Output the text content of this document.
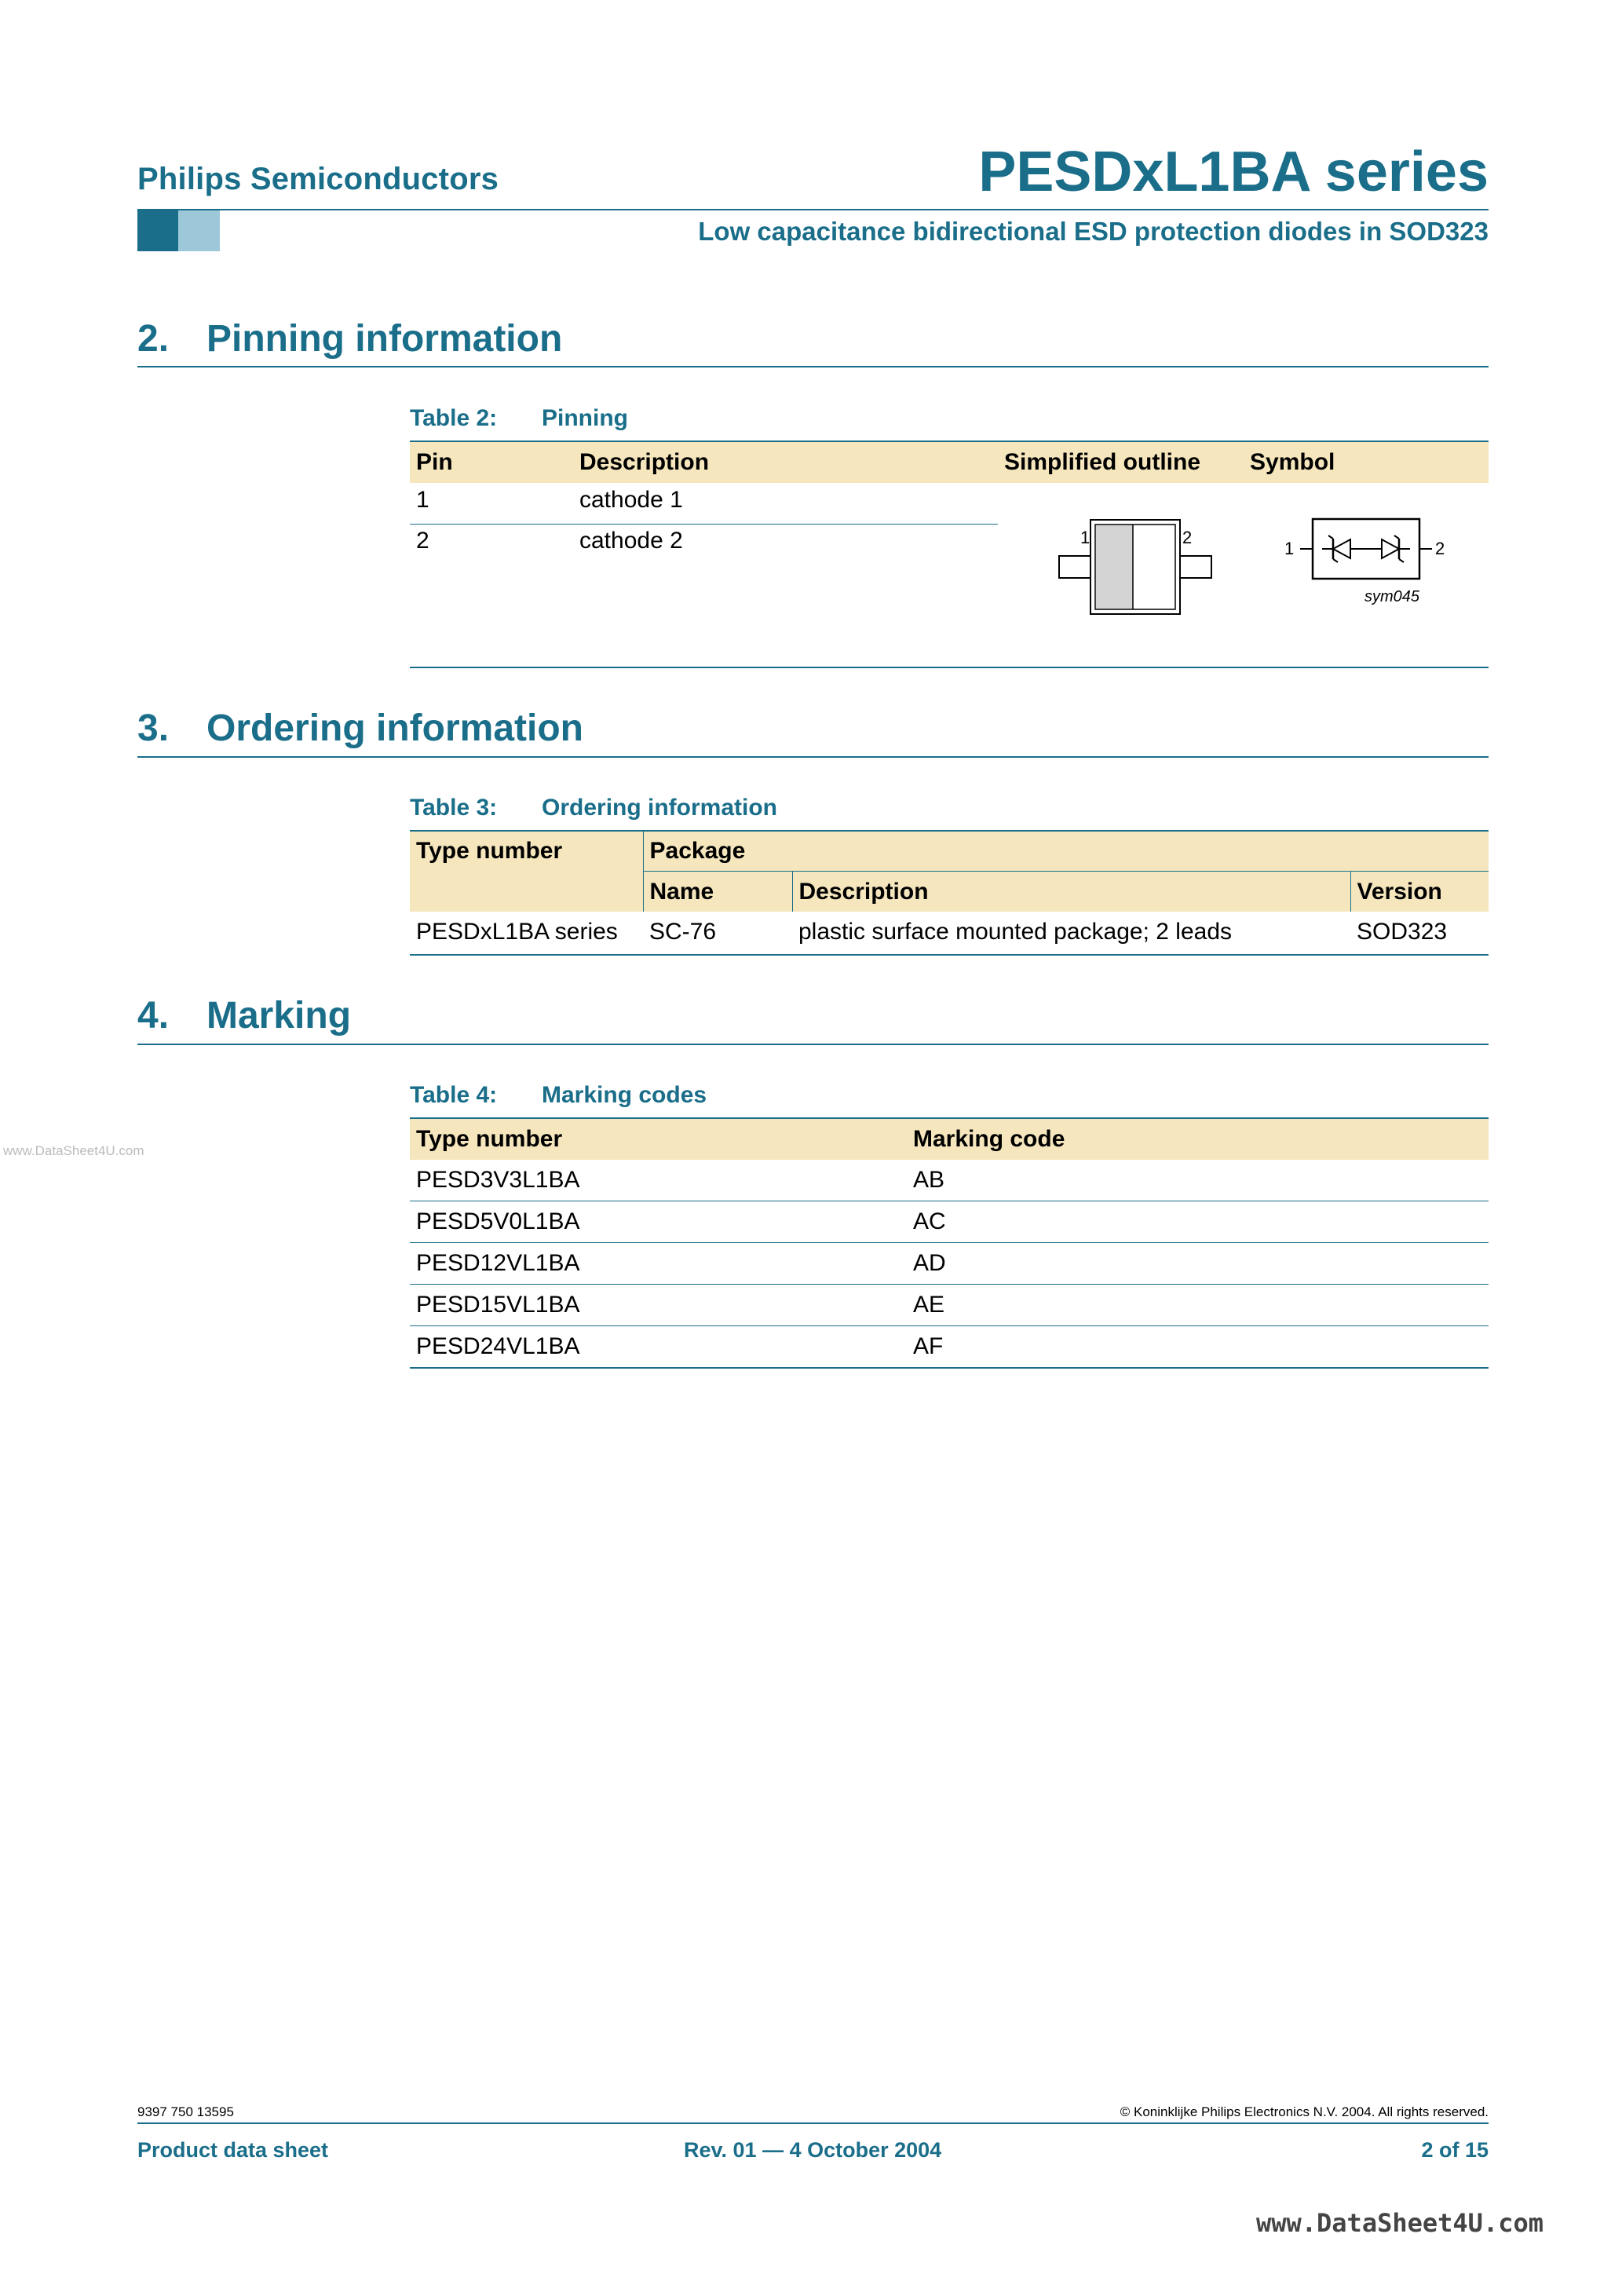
Philips Semiconductors	PESDxL1BA series
Low capacitance bidirectional ESD protection diodes in SOD323
2. Pinning information
Table 2: Pinning
Pin	Description	Simplified outline	Symbol
1	cathode 1
2	cathode 2	1	2
1	2
sym045
3. Ordering information
Table 3: Ordering information
Type number	Package		
	Name	Description	Version
PESDxL1BA series	SC-76	plastic surface mounted package; 2 leads	SOD323
4. Marking
Table 4: Marking codes
Type number	Marking code
PESD3V3L1BA	AB
PESD5V0L1BA	AC
PESD12VL1BA	AD
PESD15VL1BA	AE
PESD24VL1BA	AF
www.DataSheet4U.com
9397 750 13595	© Koninklijke Philips Electronics N.V. 2004. All rights reserved.
Product data sheet	Rev. 01 — 4 October 2004	2 of 15
www.DataSheet4U.com
